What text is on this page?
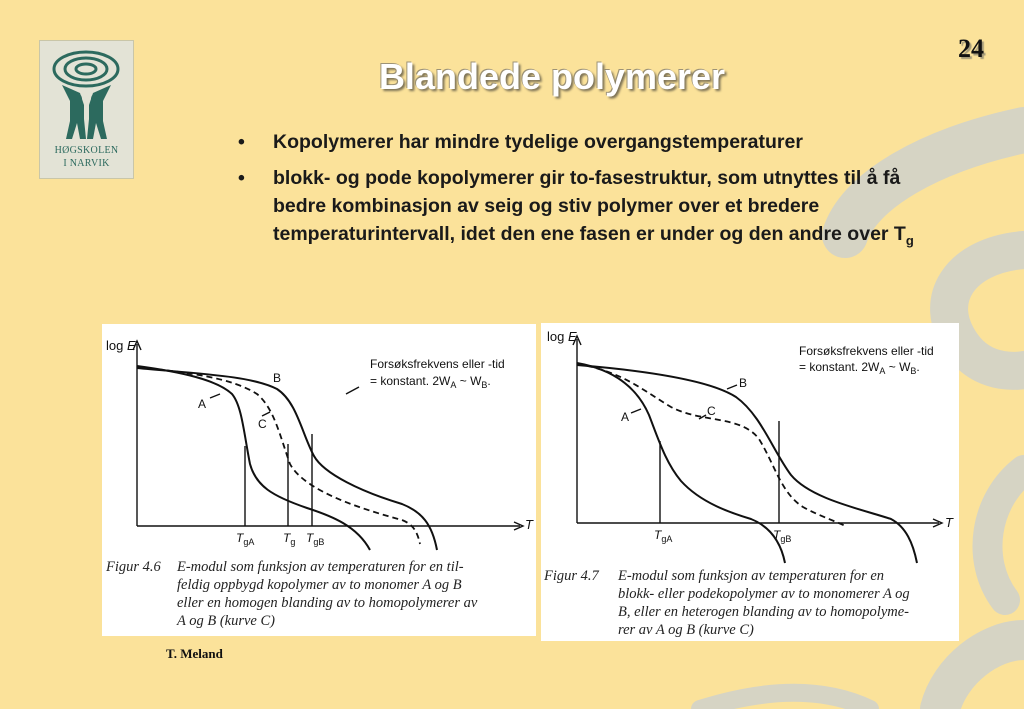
HØGSKOLEN
I NARVIK
24
Blandede polymerer
• Kopolymerer har mindre tydelige overgangstemperaturer
• blokk- og pode kopolymerer gir to-fasestruktur, som utnyttes til å få bedre kombinasjon av seig og stiv polymer over et bredere temperaturintervall, idet den ene fasen er under og den andre over $T_g$
log E
T
Forsøksfrekvens eller -tid
= konstant. $2W_A$ ~ $W_B$.
A
B
C
$T_{gA}$ $T_g$ $T_{gB}$
Figur 4.6 E-modul som funksjon av temperaturen for en til-
feldig oppbygd kopolymer av to monomer A og B
eller en homogen blanding av to homopolymerer av
A og B (kurve C)
log E
T
Forsøksfrekvens eller -tid
= konstant. $2W_A$ ~ $W_B$.
A
B
C
$T_{gA}$	$T_{gB}$
Figur 4.7 E-modul som funksjon av temperaturen for en
blokk- eller podekopolymer av to monomerer A og
B, eller en heterogen blanding av to homopolyme-
rer av A og B (kurve C)
T. Meland
